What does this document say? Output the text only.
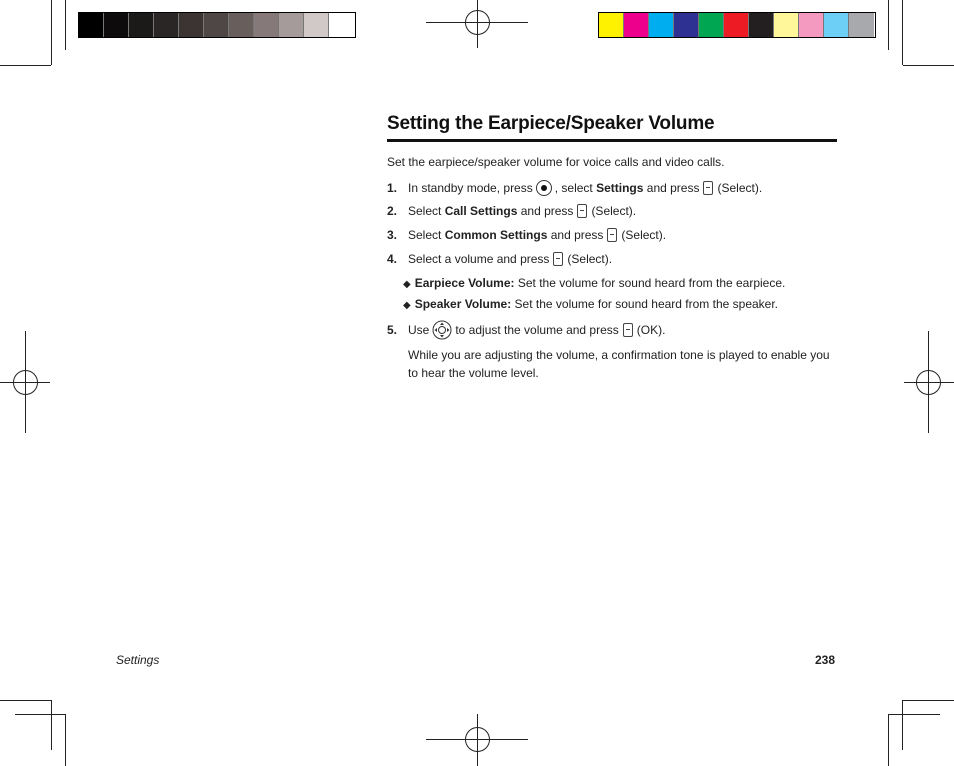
Setting the Earpiece/Speaker Volume
Set the earpiece/speaker volume for voice calls and video calls.
1. In standby mode, press , select
Settings
and press (Select).
2. Select
Call Settings
and press (Select).
3. Select
Common Settings
and press (Select).
4. Select a volume and press (Select).
◆ Earpiece Volume: Set the volume for sound heard from the earpiece.
◆ Speaker Volume: Set the volume for sound heard from the speaker.
5. Use to adjust the volume and press (OK).
While you are adjusting the volume, a confirmation tone is played to enable you to hear the volume level.
Settings	238
